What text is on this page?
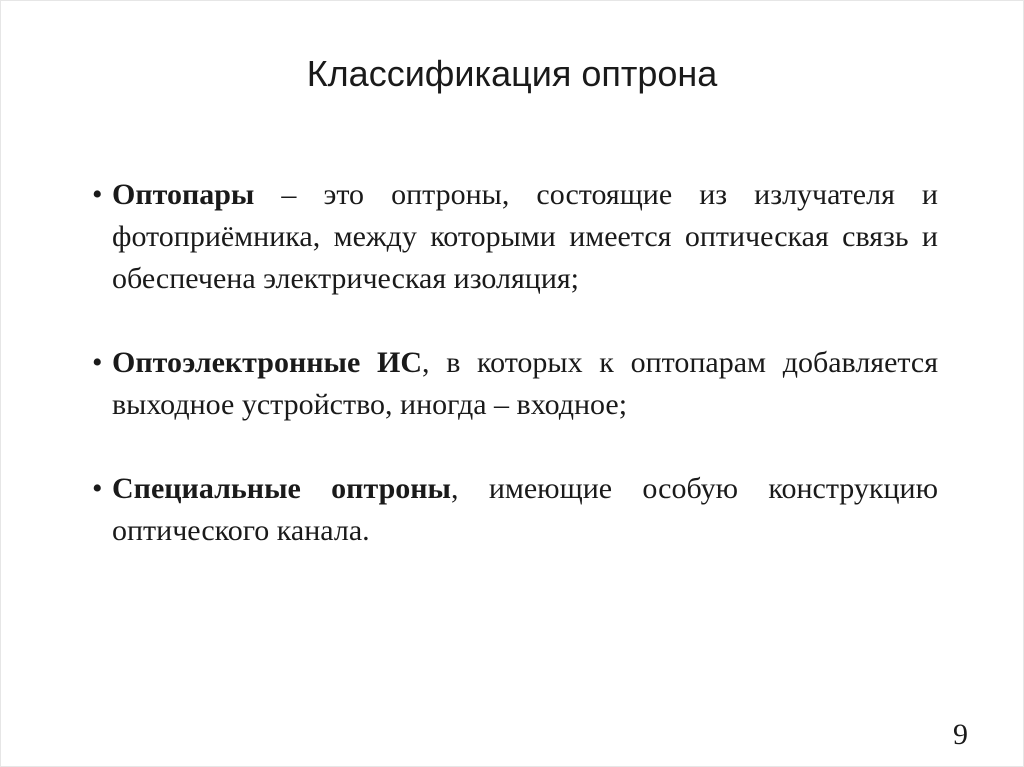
Классификация оптрона
• Оптопары – это оптроны, состоящие из излучателя и фотоприёмника, между которыми имеется оптическая связь и обеспечена электрическая изоляция;
• Оптоэлектронные ИС, в которых к оптопарам добавляется выходное устройство, иногда – входное;
• Специальные оптроны, имеющие особую конструкцию оптического канала.
9
